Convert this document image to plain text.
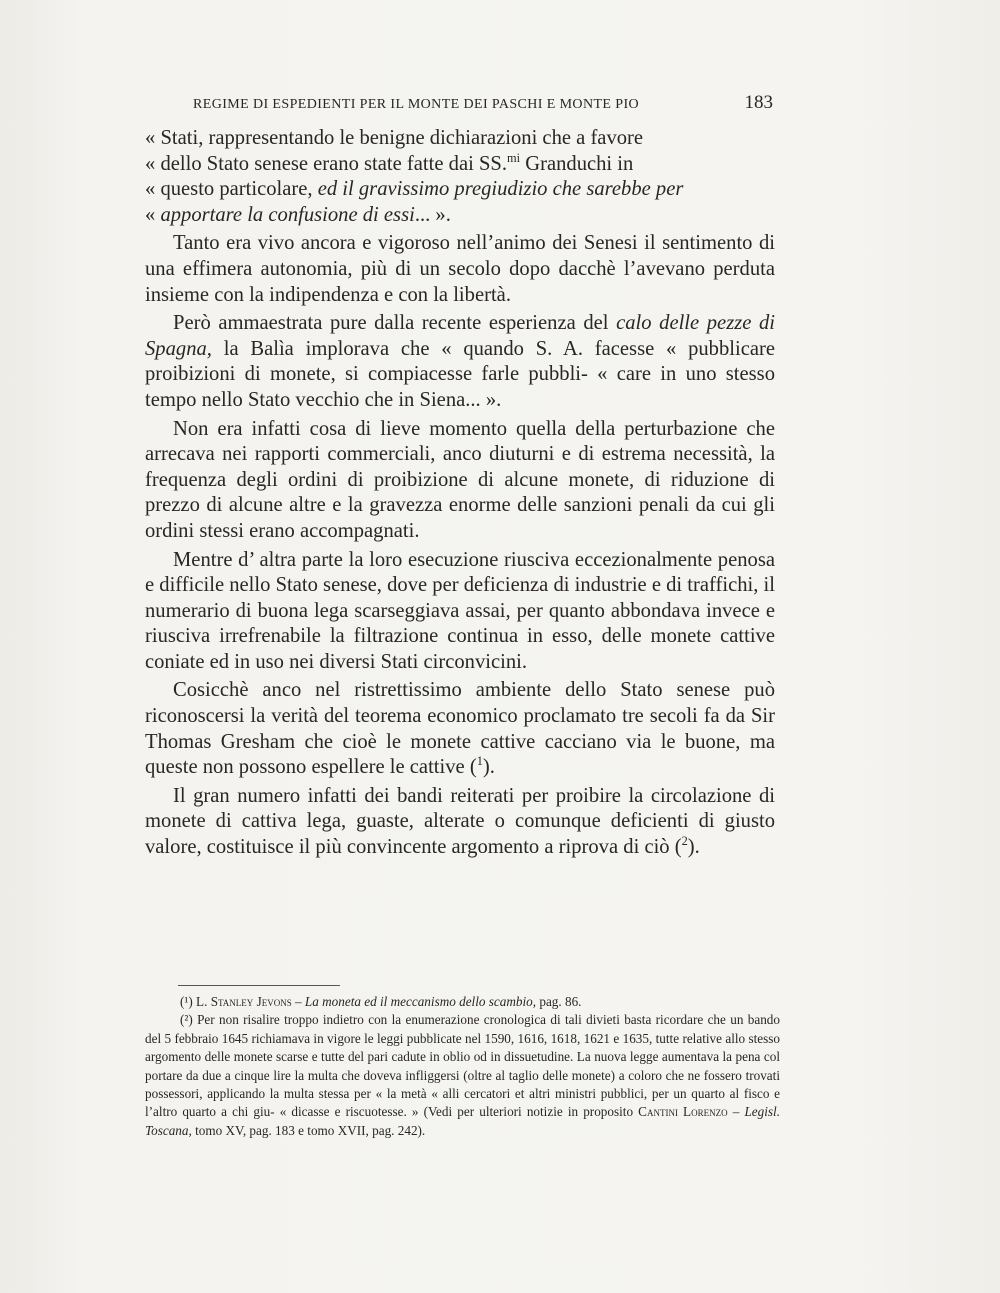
REGIME DI ESPEDIENTI PER IL MONTE DEI PASCHI E MONTE PIO	183

« Stati, rappresentando le benigne dichiarazioni che a favore
« dello Stato senese erano state fatte dai SS.$^{mi}$ Granduchi in
« questo particolare, ed il gravissimo pregiudizio che sarebbe per
« apportare la confusione di essi... ».

Tanto era vivo ancora e vigoroso nell’animo dei Senesi il sentimento di una effimera autonomia, più di un secolo dopo dacchè l’avevano perduta insieme con la indipendenza e con la libertà.

Però ammaestrata pure dalla recente esperienza del calo delle pezze di Spagna, la Balìa implorava che « quando S. A. facesse « pubblicare proibizioni di monete, si compiacesse farle pubbli- « care in uno stesso tempo nello Stato vecchio che in Siena... ».

Non era infatti cosa di lieve momento quella della perturbazione che arrecava nei rapporti commerciali, anco diuturni e di estrema necessità, la frequenza degli ordini di proibizione di alcune monete, di riduzione di prezzo di alcune altre e la gravezza enorme delle sanzioni penali da cui gli ordini stessi erano accompagnati.

Mentre d’ altra parte la loro esecuzione riusciva eccezionalmente penosa e difficile nello Stato senese, dove per deficienza di industrie e di traffichi, il numerario di buona lega scarseggiava assai, per quanto abbondava invece e riusciva irrefrenabile la filtrazione continua in esso, delle monete cattive coniate ed in uso nei diversi Stati circonvicini.

Cosicchè anco nel ristrettissimo ambiente dello Stato senese può riconoscersi la verità del teorema economico proclamato tre secoli fa da Sir Thomas Gresham che cioè le monete cattive cacciano via le buone, ma queste non possono espellere le cattive ($^1$).

Il gran numero infatti dei bandi reiterati per proibire la circolazione di monete di cattiva lega, guaste, alterate o comunque deficienti di giusto valore, costituisce il più convincente argomento a riprova di ciò ($^2$).

(¹) L. Stanley Jevons – La moneta ed il meccanismo dello scambio, pag. 86.

(²) Per non risalire troppo indietro con la enumerazione cronologica di tali divieti basta ricordare che un bando del 5 febbraio 1645 richiamava in vigore le leggi pubblicate nel 1590, 1616, 1618, 1621 e 1635, tutte relative allo stesso argomento delle monete scarse e tutte del pari cadute in oblio od in dissuetudine. La nuova legge aumentava la pena col portare da due a cinque lire la multa che doveva infliggersi (oltre al taglio delle monete) a coloro che ne fossero trovati possessori, applicando la multa stessa per « la metà « alli cercatori et altri ministri pubblici, per un quarto al fisco e l’altro quarto a chi giu- « dicasse e riscuotesse. » (Vedi per ulteriori notizie in proposito Cantini Lorenzo – Legisl. Toscana, tomo XV, pag. 183 e tomo XVII, pag. 242).
